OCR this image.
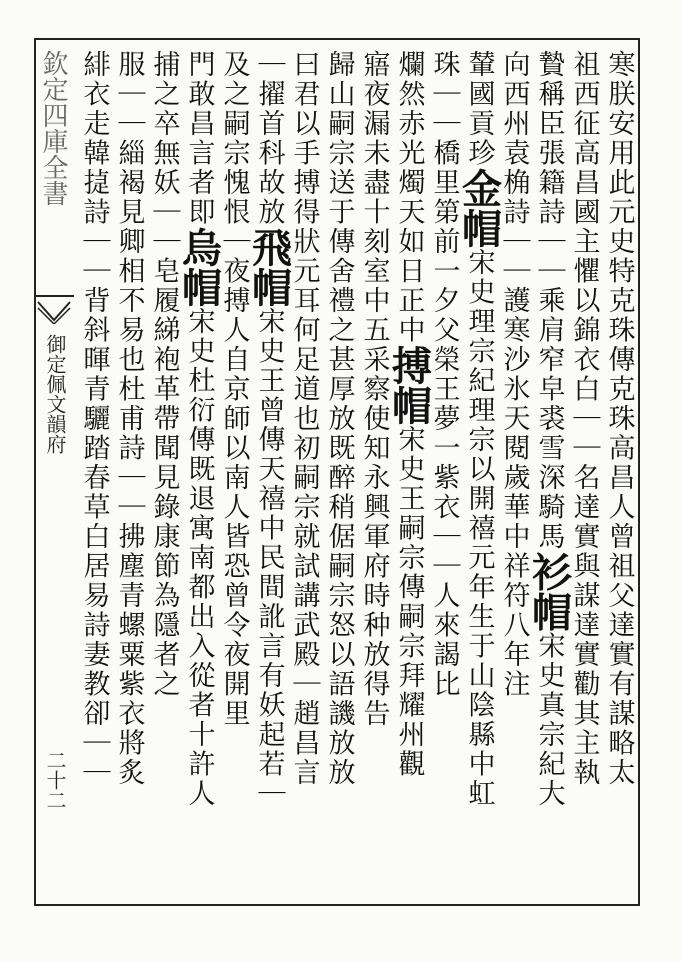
欽定四庫全書
御定佩文韻府
二十二	寒朕安用此元史特克珠傳克珠高昌人曾祖父達實有謀略太
祖西征高昌國主懼以錦衣白｜｜名達實與謀達實勸其主執
贄稱臣張籍詩｜｜乘肩窄皁裘雪深騎馬衫帽宋史真宗紀大
向西州袁桷詩｜｜護寒沙氷天閱歲華中祥符八年注
輦國貢珍金帽宋史理宗紀理宗以開禧元年生于山陰縣中虹
珠｜｜橋里第前一夕父榮王夢一紫衣｜｜人來謁比
爛然赤光燭天如日正中搏帽宋史王嗣宗傳嗣宗拜耀州觀
寤夜漏未盡十刻室中五采察使知永興軍府時种放得告
歸山嗣宗送于傳舍禮之甚厚放既醉稍倨嗣宗怒以語譏放放
曰君以手搏得狀元耳何足道也初嗣宗就試講武殿｜趙昌言
｜擢首科故放飛帽宋史王曾傳天禧中民間訛言有妖起若｜
及之嗣宗愧恨｜夜搏人自京師以南人皆恐曾令夜開里
門敢昌言者即烏帽宋史杜衍傳既退寓南都出入從者十許人
捕之卒無妖｜｜皂履綈袍革帶聞見錄康節為隱者之
服｜｜緇褐見卿相不易也杜甫詩｜｜拂塵青螺粟紫衣將炙
緋衣走韓㨗詩｜｜背斜暉青驪踏春草白居易詩妻教卻｜｜
